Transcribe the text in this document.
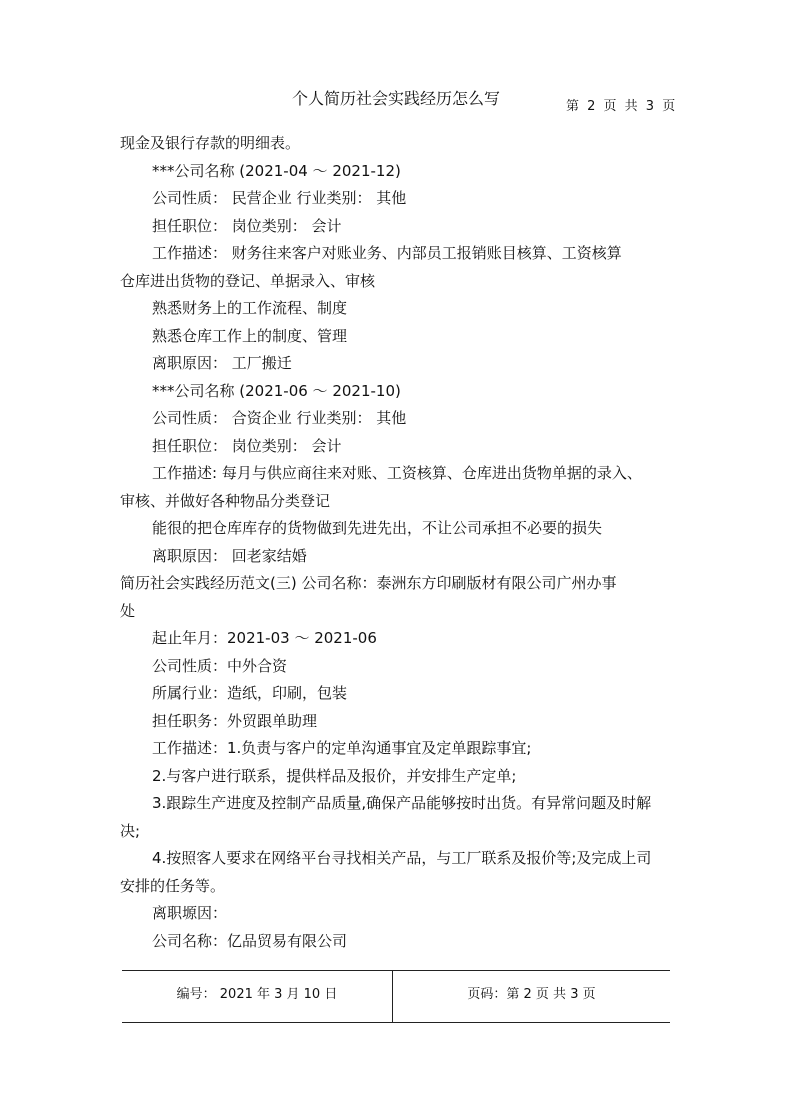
个人简历社会实践经历怎么写	第 2 页 共 3 页
现金及银行存款的明细表。
***公司名称 (2021-04 ～ 2021-12)
公司性质： 民营企业 行业类别： 其他
担任职位： 岗位类别： 会计
工作描述： 财务往来客户对账业务、内部员工报销账目核算、工资核算
仓库进出货物的登记、单据录入、审核
熟悉财务上的工作流程、制度
熟悉仓库工作上的制度、管理
离职原因： 工厂搬迁
***公司名称 (2021-06 ～ 2021-10)
公司性质： 合资企业 行业类别： 其他
担任职位： 岗位类别： 会计
工作描述: 每月与供应商往来对账、工资核算、仓库进出货物单据的录入、
审核、并做好各种物品分类登记
能很的把仓库库存的货物做到先进先出，不让公司承担不必要的损失
离职原因： 回老家结婚
简历社会实践经历范文(三) 公司名称：泰洲东方印刷版材有限公司广州办事
处
起止年月：2021-03 ～ 2021-06
公司性质：中外合资
所属行业：造纸，印刷，包装
担任职务：外贸跟单助理
工作描述：1.负责与客户的定单沟通事宜及定单跟踪事宜;
2.与客户进行联系，提供样品及报价，并安排生产定单;
3.跟踪生产进度及控制产品质量,确保产品能够按时出货。有异常问题及时解
决;
4.按照客人要求在网络平台寻找相关产品，与工厂联系及报价等;及完成上司
安排的任务等。
离职塬因：
公司名称：亿品贸易有限公司
编号： 2021 年 3 月 10 日	页码：第 2 页 共 3 页
